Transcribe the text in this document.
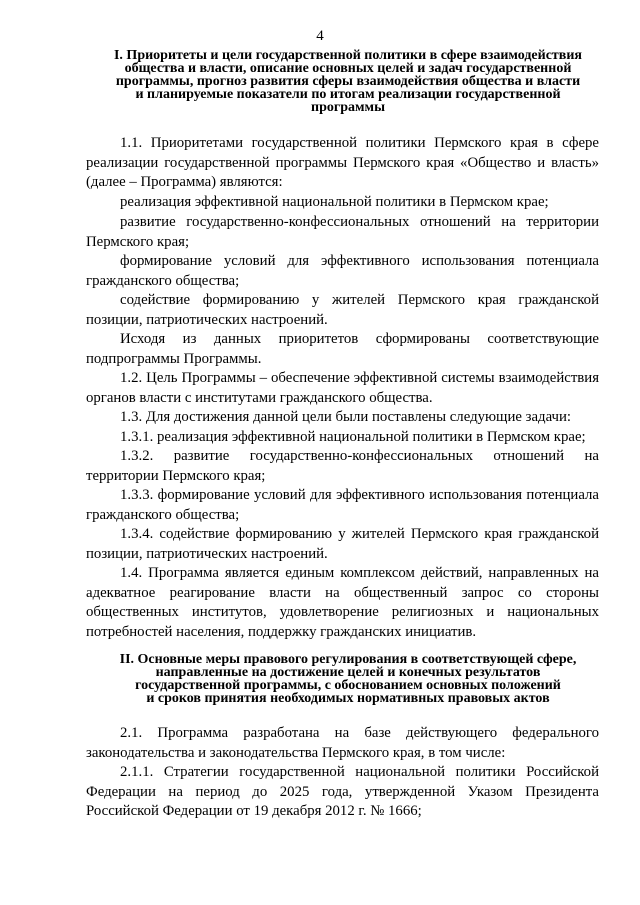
4
I. Приоритеты и цели государственной политики в сфере взаимодействия
общества и власти, описание основных целей и задач государственной
программы, прогноз развития сферы взаимодействия общества и власти
и планируемые показатели по итогам реализации государственной
программы
1.1. Приоритетами государственной политики Пермского края в сфере реализации государственной программы Пермского края «Общество и власть» (далее – Программа) являются:
реализация эффективной национальной политики в Пермском крае;
развитие государственно-конфессиональных отношений на территории Пермского края;
формирование условий для эффективного использования потенциала гражданского общества;
содействие формированию у жителей Пермского края гражданской позиции, патриотических настроений.
Исходя из данных приоритетов сформированы соответствующие подпрограммы Программы.
1.2. Цель Программы – обеспечение эффективной системы взаимодействия органов власти с институтами гражданского общества.
1.3. Для достижения данной цели были поставлены следующие задачи:
1.3.1. реализация эффективной национальной политики в Пермском крае;
1.3.2. развитие государственно-конфессиональных отношений на территории Пермского края;
1.3.3. формирование условий для эффективного использования потенциала гражданского общества;
1.3.4. содействие формированию у жителей Пермского края гражданской позиции, патриотических настроений.
1.4. Программа является единым комплексом действий, направленных на адекватное реагирование власти на общественный запрос со стороны общественных институтов, удовлетворение религиозных и национальных потребностей населения, поддержку гражданских инициатив.
II. Основные меры правового регулирования в соответствующей сфере,
направленные на достижение целей и конечных результатов
государственной программы, с обоснованием основных положений
и сроков принятия необходимых нормативных правовых актов
2.1. Программа разработана на базе действующего федерального законодательства и законодательства Пермского края, в том числе:
2.1.1. Стратегии государственной национальной политики Российской Федерации на период до 2025 года, утвержденной Указом Президента Российской Федерации от 19 декабря 2012 г. № 1666;
